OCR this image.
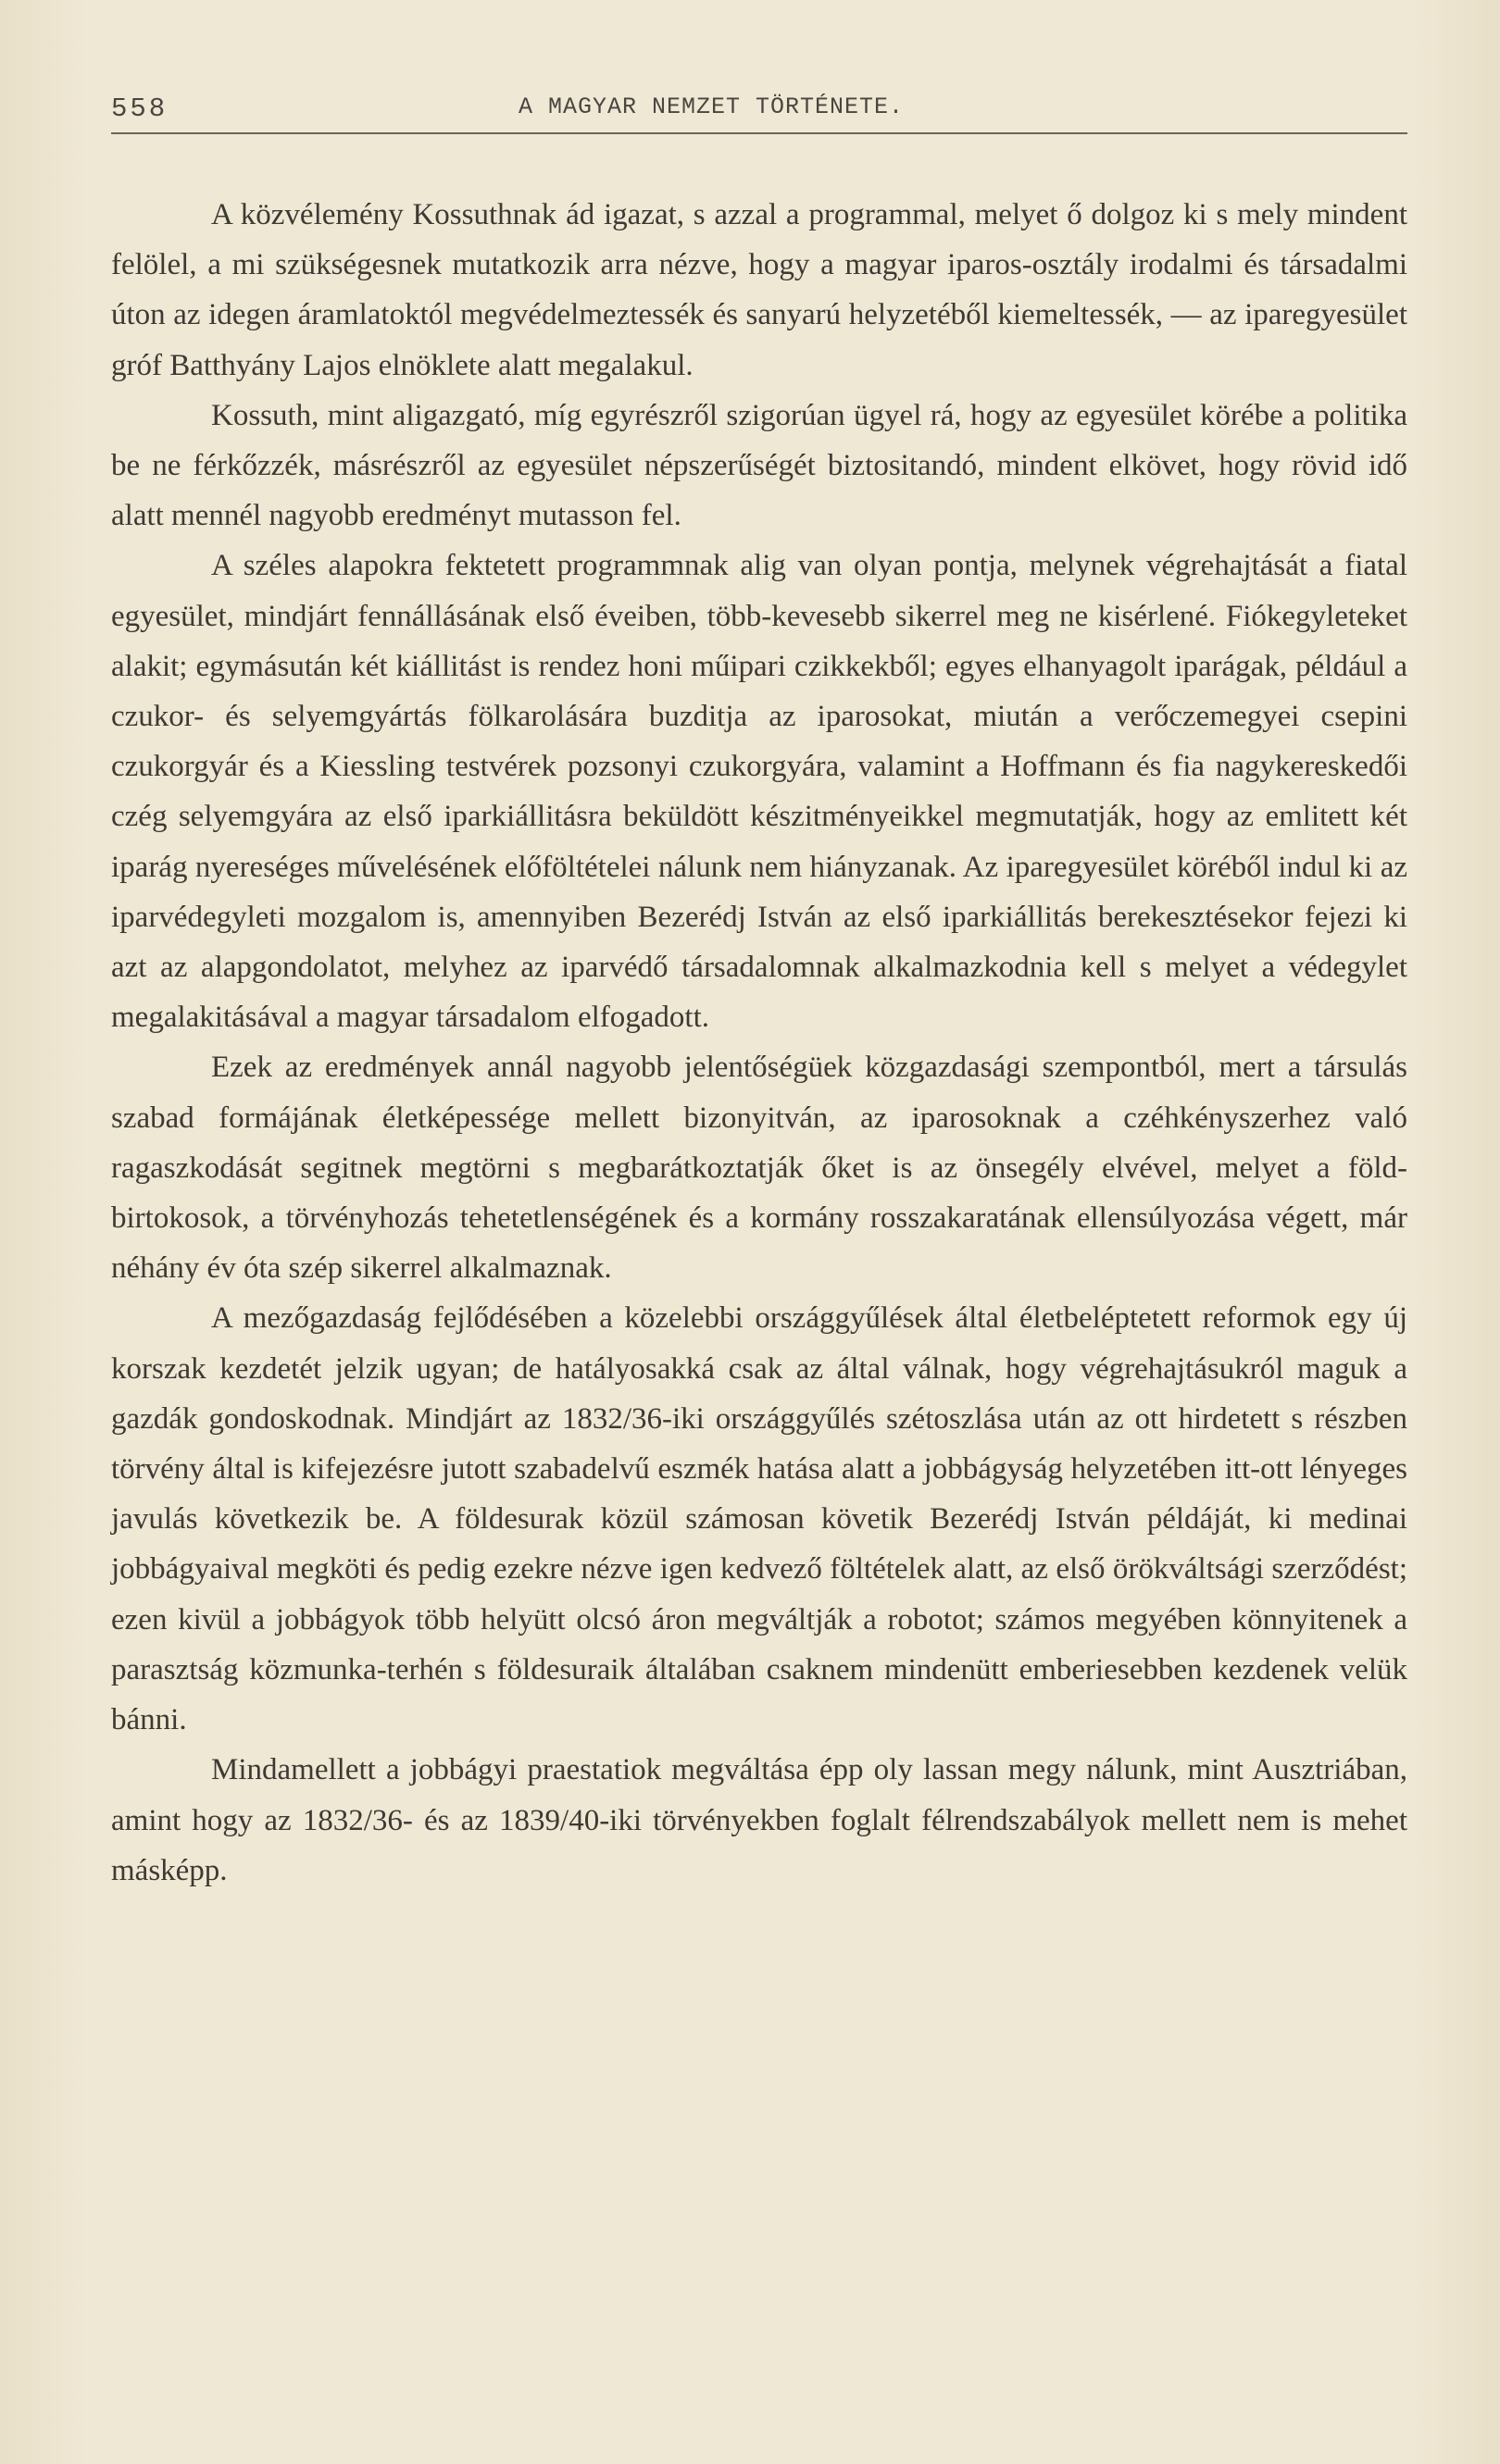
558	A MAGYAR NEMZET TÖRTÉNETE.

A közvélemény Kossuthnak ád igazat, s azzal a programmal, melyet ő dolgoz ki s mely mindent felölel, a mi szükségesnek mutatkozik arra nézve, hogy a magyar iparos-osztály irodalmi és társadalmi úton az idegen áramlatoktól megvédelmeztessék és sanyarú helyzetéből kiemeltessék, — az iparegyesület gróf Batthyány Lajos elnöklete alatt megalakul.

Kossuth, mint aligazgató, míg egyrészről szigorúan ügyel rá, hogy az egyesület körébe a politika be ne férkőzzék, másrészről az egyesület népszerűségét biztositandó, mindent elkövet, hogy rövid idő alatt mennél nagyobb eredményt mutasson fel.

A széles alapokra fektetett programmnak alig van olyan pontja, melynek végrehajtását a fiatal egyesület, mindjárt fennállásának első éveiben, több-kevesebb sikerrel meg ne kisérlené. Fiókegyleteket alakit; egymásután két kiállitást is rendez honi műipari czikkekből; egyes elhanyagolt iparágak, például a czukor- és selyemgyártás fölkarolására buzditja az iparosokat, miután a verőczemegyei csepini czukorgyár és a Kiessling testvérek pozsonyi czukorgyára, valamint a Hoffmann és fia nagykereskedői czég selyemgyára az első iparkiállitásra beküldött készitményeikkel megmutatják, hogy az emlitett két iparág nyereséges művelésének előföltételei nálunk nem hiányzanak. Az iparegyesület köréből indul ki az iparvédegyleti mozgalom is, amennyiben Bezerédj István az első iparkiállitás berekesztésekor fejezi ki azt az alapgondolatot, melyhez az iparvédő társadalomnak alkalmazkodnia kell s melyet a védegylet megalakitásával a magyar társadalom elfogadott.

Ezek az eredmények annál nagyobb jelentőségüek közgazdasági szempontból, mert a társulás szabad formájának életképessége mellett bizonyitván, az iparosoknak a czéhkényszerhez való ragaszkodását segitnek megtörni s megbarátkoztatják őket is az önsegély elvével, melyet a földbirtokosok, a törvényhozás tehetetlenségének és a kormány rosszakaratának ellensúlyozása végett, már néhány év óta szép sikerrel alkalmaznak.

A mezőgazdaság fejlődésében a közelebbi országgyűlések által életbeléptetett reformok egy új korszak kezdetét jelzik ugyan; de hatályosakká csak az által válnak, hogy végrehajtásukról maguk a gazdák gondoskodnak. Mindjárt az 1832/36-iki országgyűlés szétoszlása után az ott hirdetett s részben törvény által is kifejezésre jutott szabadelvű eszmék hatása alatt a jobbágyság helyzetében itt-ott lényeges javulás következik be. A földesurak közül számosan követik Bezerédj István példáját, ki medinai jobbágyaival megköti és pedig ezekre nézve igen kedvező föltételek alatt, az első örökváltsági szerződést; ezen kivül a jobbágyok több helyütt olcsó áron megváltják a robotot; számos megyében könnyitenek a parasztság közmunka-terhén s földesuraik általában csaknem mindenütt emberiesebben kezdenek velük bánni.

Mindamellett a jobbágyi praestatiok megváltása épp oly lassan megy nálunk, mint Ausztriában, amint hogy az 1832/36- és az 1839/40-iki törvényekben foglalt félrendszabályok mellett nem is mehet másképp.
